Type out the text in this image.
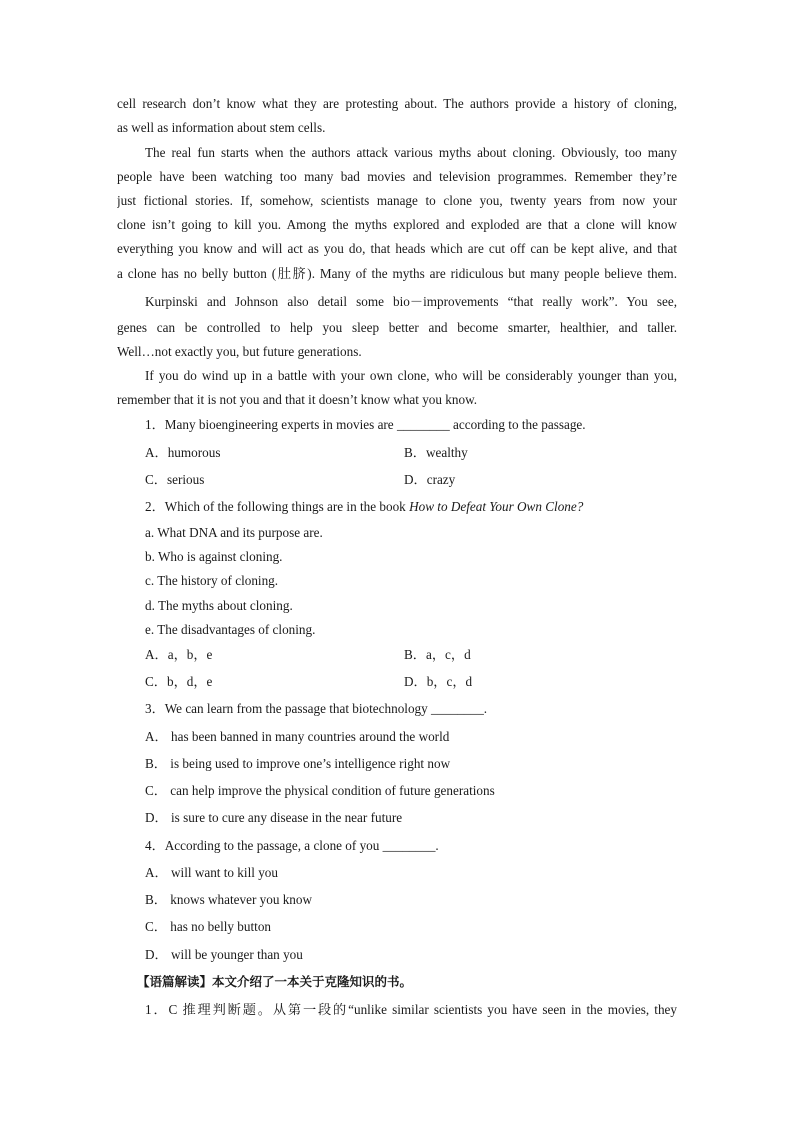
cell research don’t know what they are protesting about. The authors provide a history of cloning,
as well as information about stem cells.
The real fun starts when the authors attack various myths about cloning. Obviously, too many
people have been watching too many bad movies and television programmes. Remember they’re
just fictional stories. If, somehow, scientists manage to clone you, twenty years from now your
clone isn’t going to kill you. Among the myths explored and exploded are that a clone will know
everything you know and will act as you do, that heads which are cut off can be kept alive, and that
a clone has no belly button (肚脐). Many of the myths are ridiculous but many people believe them.
Kurpinski and Johnson also detail some bio－improvements “that really work”. You see,
genes can be controlled to help you sleep better and become smarter, healthier, and taller.
Well…not exactly you, but future generations.
If you do wind up in a battle with your own clone, who will be considerably younger than you,
remember that it is not you and that it doesn’t know what you know.
1．Many bioengineering experts in movies are ________ according to the passage.
A．humorous	B．wealthy
C．serious	D．crazy
2．Which of the following things are in the book How to Defeat Your Own Clone?
a. What DNA and its purpose are.
b. Who is against cloning.
c. The history of cloning.
d. The myths about cloning.
e. The disadvantages of cloning.
A．a，b，e	B．a，c，d
C．b，d，e	D．b，c，d
3．We can learn from the passage that biotechnology ________.
A． has been banned in many countries around the world
B． is being used to improve one’s intelligence right now
C． can help improve the physical condition of future generations
D． is sure to cure any disease in the near future
4．According to the passage, a clone of you ________.
A． will want to kill you
B． knows whatever you know
C． has no belly button
D． will be younger than you
【语篇解读】本文介绍了一本关于克隆知识的书。
1．C 推理判断题。从第一段的“unlike similar scientists you have seen in the movies, they
